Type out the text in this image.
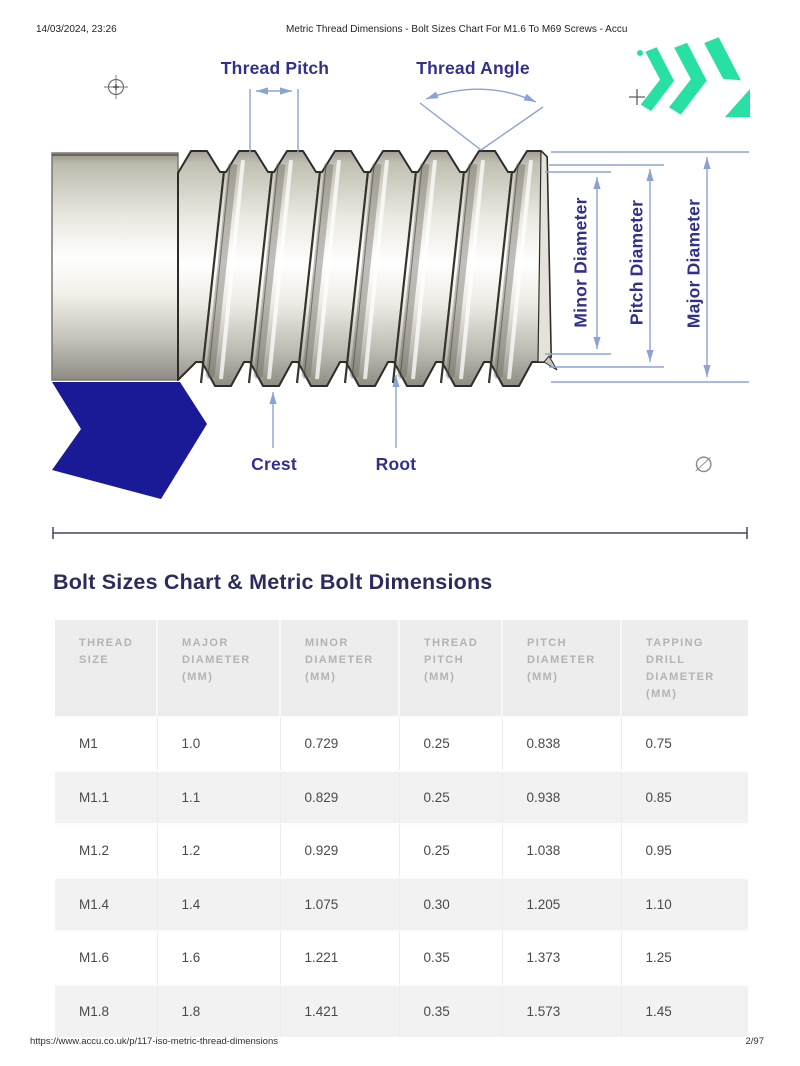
14/03/2024, 23:26	Metric Thread Dimensions - Bolt Sizes Chart For M1.6 To M69 Screws - Accu
Thread Pitch	Thread Angle
Crest	Root
Minor Diameter Pitch Diameter Major Diameter
∅
Bolt Sizes Chart & Metric Bolt Dimensions
THREAD SIZE	MAJOR DIAMETER (MM)	MINOR DIAMETER (MM)	THREAD PITCH (MM)	PITCH DIAMETER (MM)	TAPPING DRILL DIAMETER (MM)
M1	1.0	0.729	0.25	0.838	0.75
M1.1	1.1	0.829	0.25	0.938	0.85
M1.2	1.2	0.929	0.25	1.038	0.95
M1.4	1.4	1.075	0.30	1.205	1.10
M1.6	1.6	1.221	0.35	1.373	1.25
M1.8	1.8	1.421	0.35	1.573	1.45
https://www.accu.co.uk/p/117-iso-metric-thread-dimensions	2/97
